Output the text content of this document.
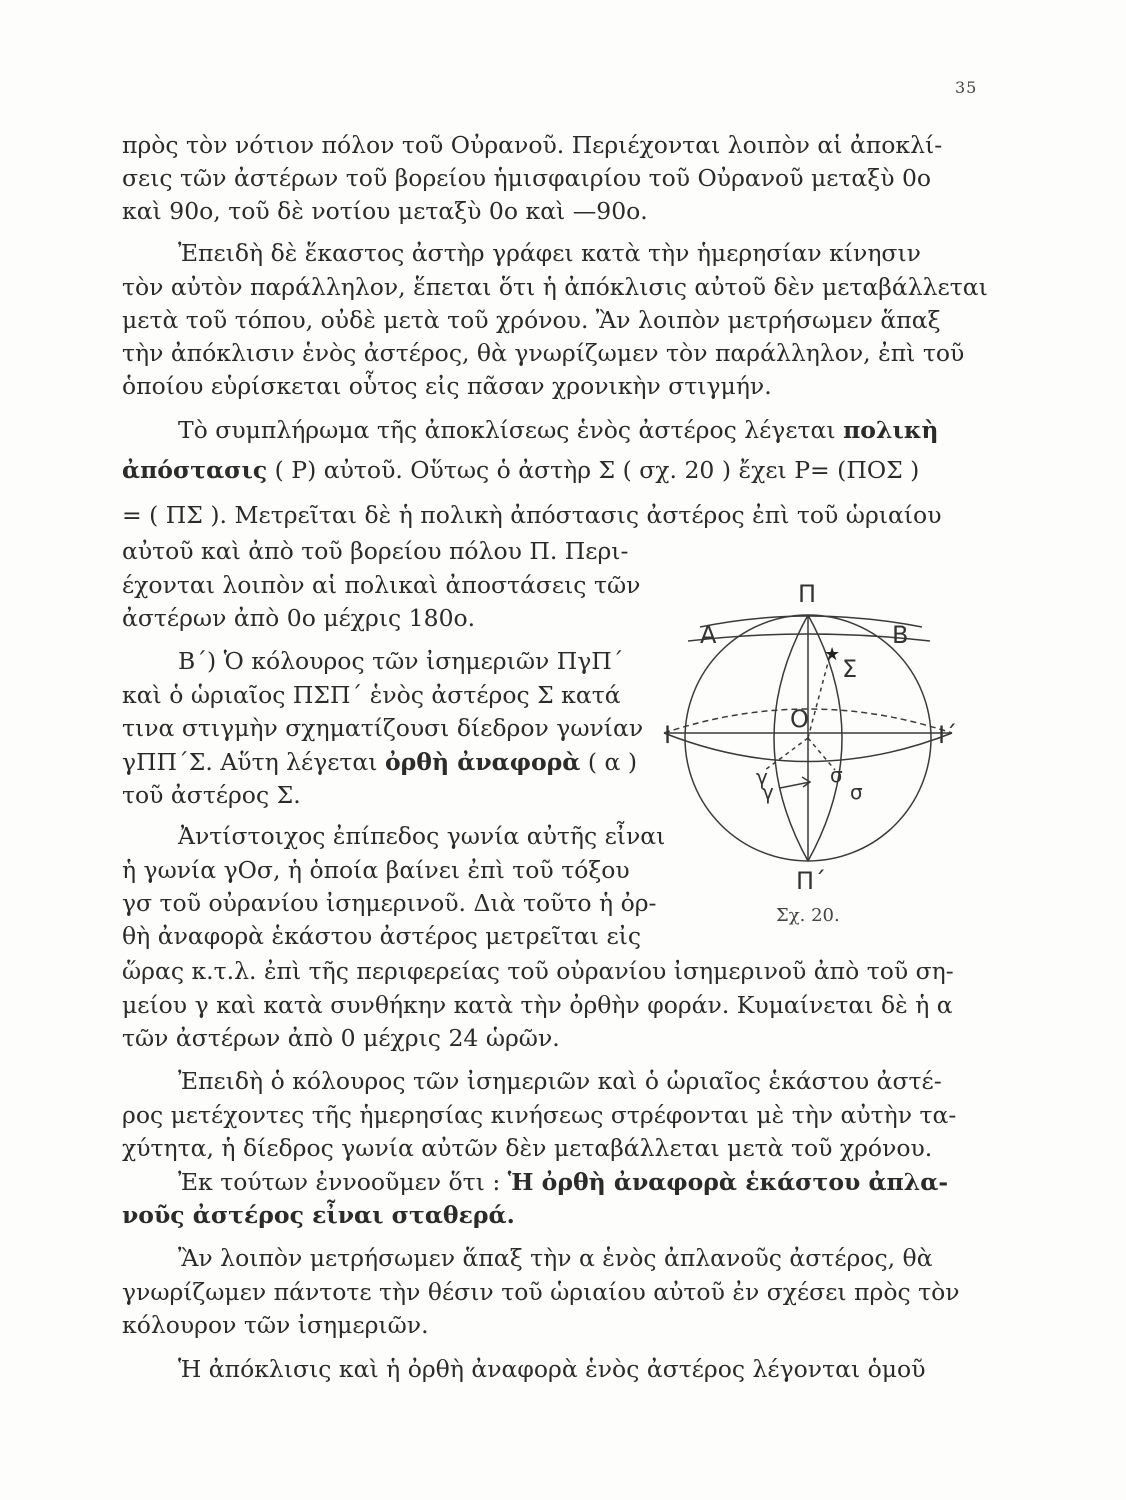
35
πρὸς τὸν νότιον πόλον τοῦ Οὐρανοῦ. Περιέχονται λοιπὸν αἱ ἀποκλί-
σεις τῶν ἀστέρων τοῦ βορείου ἡμισφαιρίου τοῦ Οὐρανοῦ μεταξὺ 0ο
καὶ 90ο, τοῦ δὲ νοτίου μεταξὺ 0ο καὶ —90ο.
Ἐπειδὴ δὲ ἕκαστος ἀστὴρ γράφει κατὰ τὴν ἡμερησίαν κίνησιν
τὸν αὐτὸν παράλληλον, ἕπεται ὅτι ἡ ἀπόκλισις αὐτοῦ δὲν μεταβάλλεται
μετὰ τοῦ τόπου, οὐδὲ μετὰ τοῦ χρόνου. Ἂν λοιπὸν μετρήσωμεν ἅπαξ
τὴν ἀπόκλισιν ἑνὸς ἀστέρος, θὰ γνωρίζωμεν τὸν παράλληλον, ἐπὶ τοῦ
ὁποίου εὑρίσκεται οὗτος εἰς πᾶσαν χρονικὴν στιγμήν.
Τὸ συμπλήρωμα τῆς ἀποκλίσεως ἑνὸς ἀστέρος λέγεται πολικὴ
ἀπόστασις ( Ρ) αὐτοῦ. Οὕτως ὁ ἀστὴρ Σ ( σχ. 20 ) ἔχει Ρ= (ΠΟΣ )
= ( ΠΣ ). Μετρεῖται δὲ ἡ πολικὴ ἀπόστασις ἀστέρος ἐπὶ τοῦ ὡριαίου
αὐτοῦ καὶ ἀπὸ τοῦ βορείου πόλου Π. Περι-
έχονται λοιπὸν αἱ πολικαὶ ἀποστάσεις τῶν
ἀστέρων ἀπὸ 0ο μέχρις 180ο.
Β΄) Ὁ κόλουρος τῶν ἰσημεριῶν ΠγΠ΄
καὶ ὁ ὡριαῖος ΠΣΠ΄ ἑνὸς ἀστέρος Σ κατά
τινα στιγμὴν σχηματίζουσι δίεδρον γωνίαν
γΠΠ΄Σ. Αὕτη λέγεται ὀρθὴ ἀναφορὰ ( α )
τοῦ ἀστέρος Σ.
Ἀντίστοιχος ἐπίπεδος γωνία αὐτῆς εἶναι
ἡ γωνία γΟσ, ἡ ὁποία βαίνει ἐπὶ τοῦ τόξου
γσ τοῦ οὐρανίου ἰσημερινοῦ. Διὰ τοῦτο ἡ ὀρ-
θὴ ἀναφορὰ ἑκάστου ἀστέρος μετρεῖται εἰς
ὥρας κ.τ.λ. ἐπὶ τῆς περιφερείας τοῦ οὐρανίου ἰσημερινοῦ ἀπὸ τοῦ ση-
μείου γ καὶ κατὰ συνθήκην κατὰ τὴν ὀρθὴν φοράν. Κυμαίνεται δὲ ἡ α
τῶν ἀστέρων ἀπὸ 0 μέχρις 24 ὡρῶν.
Ἐπειδὴ ὁ κόλουρος τῶν ἰσημεριῶν καὶ ὁ ὡριαῖος ἑκάστου ἀστέ-
ρος μετέχοντες τῆς ἡμερησίας κινήσεως στρέφονται μὲ τὴν αὐτὴν τα-
χύτητα, ἡ δίεδρος γωνία αὐτῶν δὲν μεταβάλλεται μετὰ τοῦ χρόνου.
Ἐκ τούτων ἐννοοῦμεν ὅτι : Ἡ ὀρθὴ ἀναφορὰ ἑκάστου ἀπλα-
νοῦς ἀστέρος εἶναι σταθερά.
Ἂν λοιπὸν μετρήσωμεν ἅπαξ τὴν α ἑνὸς ἀπλανοῦς ἀστέρος, θὰ
γνωρίζωμεν πάντοτε τὴν θέσιν τοῦ ὡριαίου αὐτοῦ ἐν σχέσει πρὸς τὸν
κόλουρον τῶν ἰσημεριῶν.
Ἡ ἀπόκλισις καὶ ἡ ὀρθὴ ἀναφορὰ ἑνὸς ἀστέρος λέγονται ὁμοῦ
★
Π
Α	Β
Σ
Ο
Ι	Ι΄
γ	σ
γ	σ
Π΄
Σχ. 20.
